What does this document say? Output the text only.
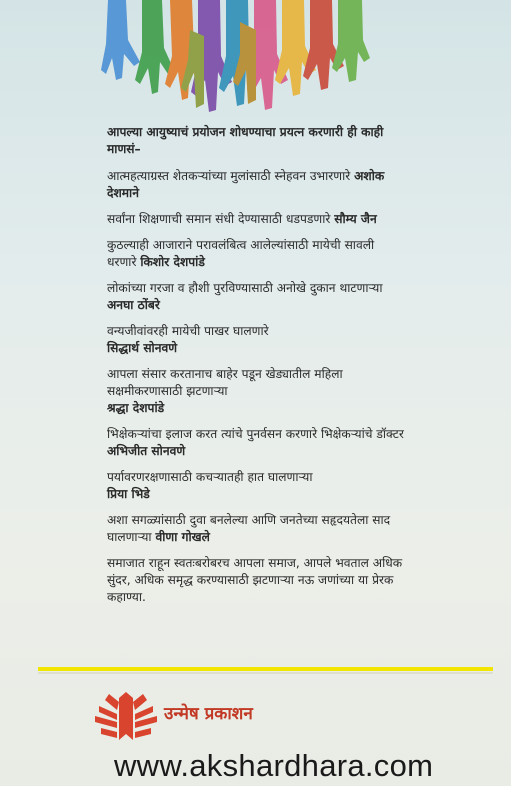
आपल्या आयुष्याचं प्रयोजन शोधण्याचा प्रयत्न करणारी ही काही माणसं–

आत्महत्याग्रस्त शेतकऱ्यांच्या मुलांसाठी स्नेहवन उभारणारे अशोक देशमाने

सर्वांना शिक्षणाची समान संधी देण्यासाठी धडपडणारे सौम्य जैन

कुठल्याही आजाराने परावलंबित्व आलेल्यांसाठी मायेची सावली धरणारे किशोर देशपांडे

लोकांच्या गरजा व हौशी पुरविण्यासाठी अनोखे दुकान थाटणाऱ्या अनघा ठोंबरे

वन्यजीवांवरही मायेची पाखर घालणारे
सिद्धार्थ सोनवणे

आपला संसार करतानाच बाहेर पडून खेड्यातील महिला सक्षमीकरणासाठी झटणाऱ्या
श्रद्धा देशपांडे

भिक्षेकऱ्यांचा इलाज करत त्यांचे पुनर्वसन करणारे भिक्षेकऱ्यांचे डॉक्टर अभिजीत सोनवणे

पर्यावरणरक्षणासाठी कचऱ्यातही हात घालणाऱ्या
प्रिया भिडे

अशा सगळ्यांसाठी दुवा बनलेल्या आणि जनतेच्या सहृदयतेला साद घालणाऱ्या वीणा गोखले

समाजात राहून स्वतःबरोबरच आपला समाज, आपले भवताल अधिक सुंदर, अधिक समृद्ध करण्यासाठी झटणाऱ्या नऊ जणांच्या या प्रेरक कहाण्या.

उन्मेष प्रकाशन
www.akshardhara.com
